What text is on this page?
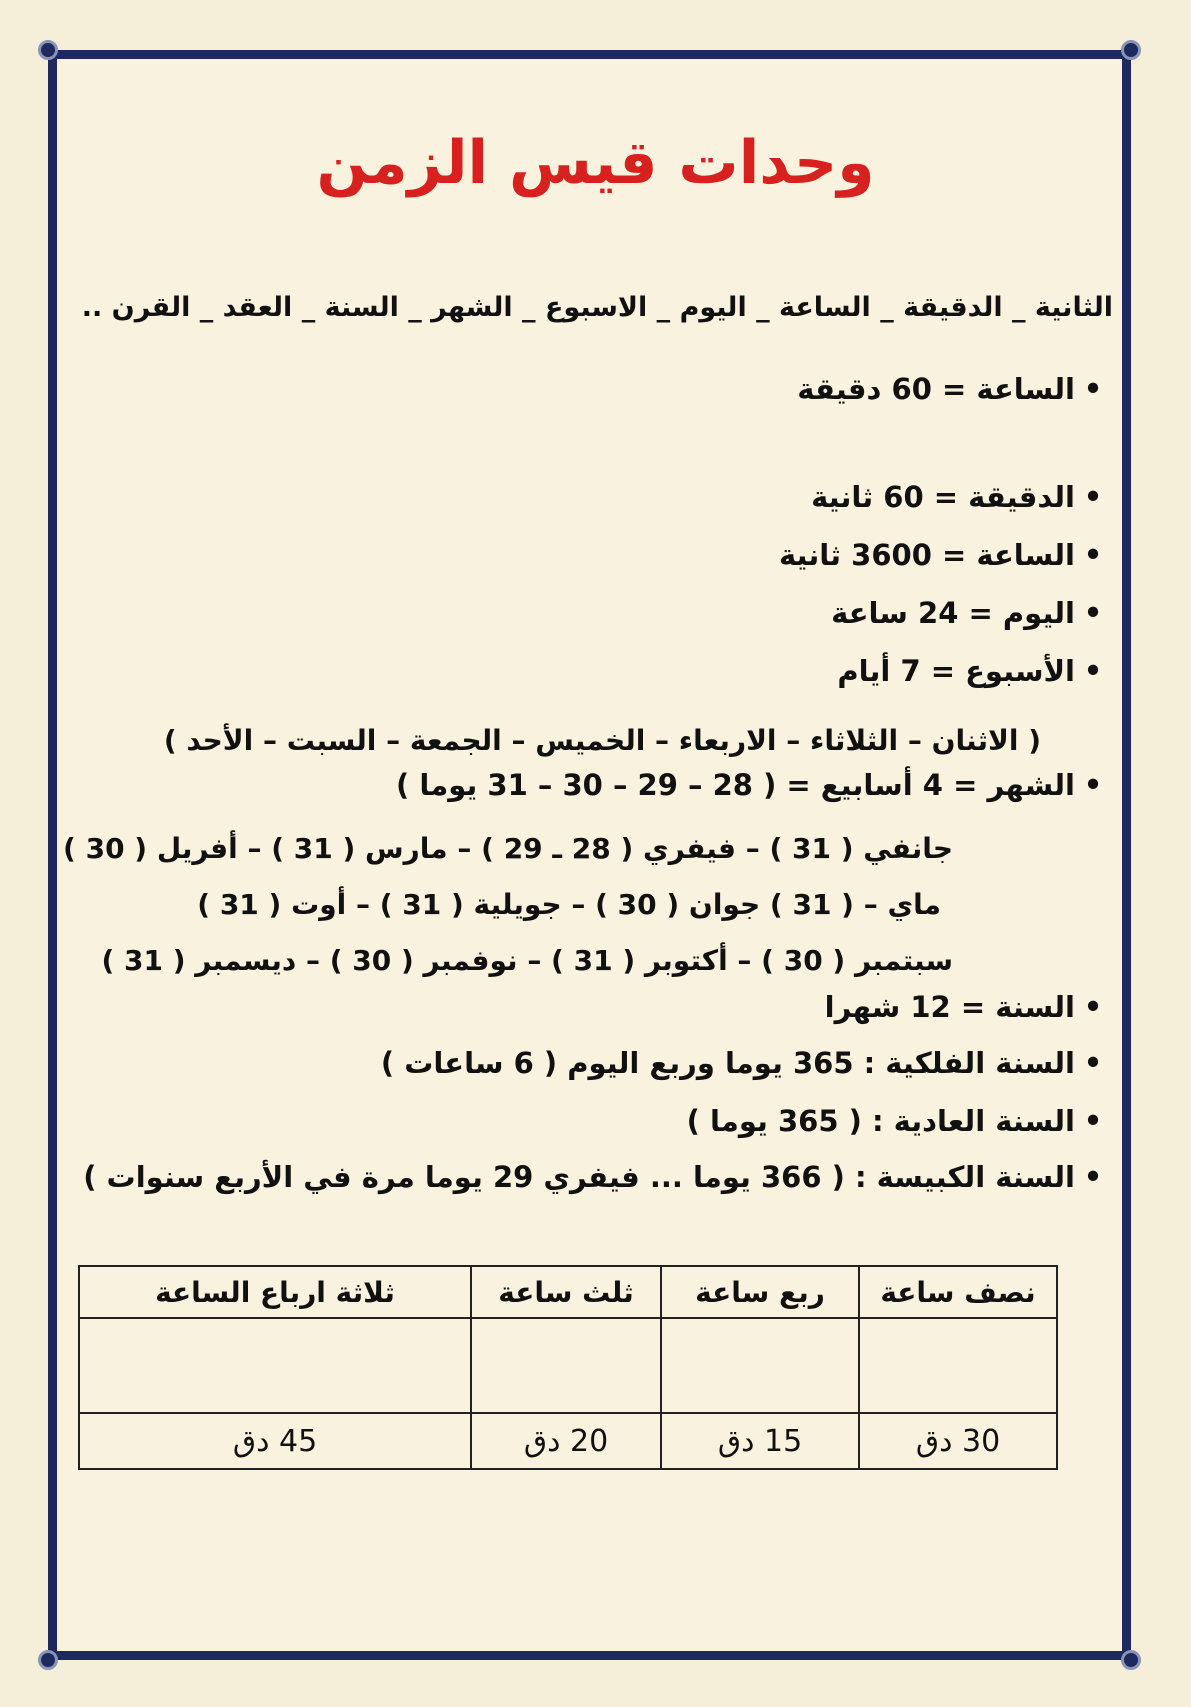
وحدات قيس الزمن
الثانية _ الدقيقة _ الساعة _ اليوم _ الاسبوع _ الشهر _ السنة _ العقد _ القرن ..
•الساعة = 60 دقيقة
•الدقيقة = 60 ثانية
•الساعة = 3600 ثانية
•اليوم = 24 ساعة
•الأسبوع = 7 أيام
•الشهر = 4 أسابيع = ( 28 – 29 – 30 – 31 يوما )
•السنة = 12 شهرا
•السنة الفلكية : 365 يوما وربع اليوم ( 6 ساعات )
•السنة العادية : ( 365 يوما )
•السنة الكبيسة : ( 366 يوما ... فيفري 29 يوما مرة في الأربع سنوات )
( الاثنان – الثلاثاء – الاربعاء – الخميس – الجمعة – السبت – الأحد )
جانفي ( 31 ) – فيفري ( 28 ـ 29 ) – مارس ( 31 ) – أفريل ( 30 )
ماي – ( 31 ) جوان ( 30 ) – جويلية ( 31 ) – أوت ( 31 )
سبتمبر ( 30 ) – أكتوبر ( 31 ) – نوفمبر ( 30 ) – ديسمبر ( 31 )
نصف ساعة	ربع ساعة	ثلث ساعة	ثلاثة ارباع الساعة

30 دق	15 دق	20 دق	45 دق
